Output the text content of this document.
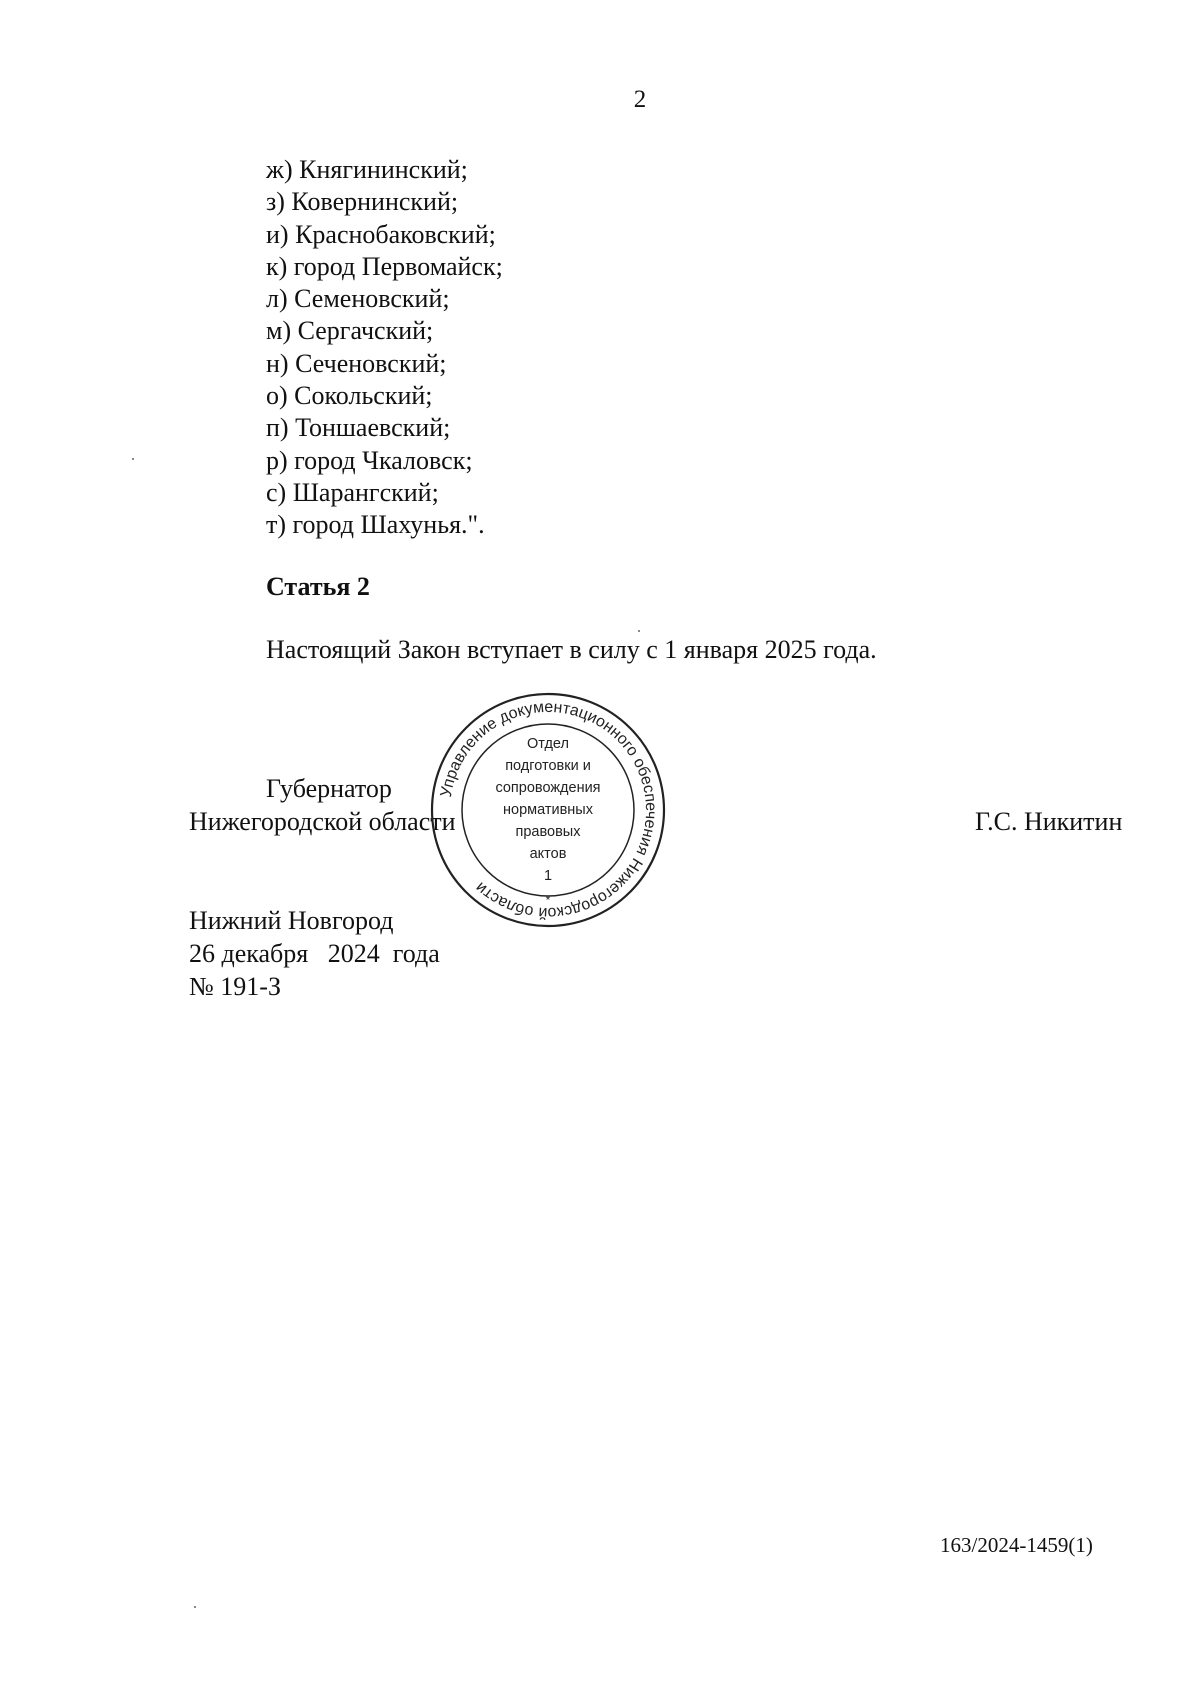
2
ж) Княгининский;
з) Ковернинский;
и) Краснобаковский;
к) город Первомайск;
л) Семеновский;
м) Сергачский;
н) Сеченовский;
о) Сокольский;
п) Тоншаевский;
р) город Чкаловск;
с) Шарангский;
т) город Шахунья.".
Статья 2
Настоящий Закон вступает в силу с 1 января 2025 года.
Губернатор
Нижегородской области	Г.С. Никитин
Управление документационного обеспечения Нижегородской области
Отдел
подготовки и
сопровождения
нормативных
правовых
актов
1
*
Нижний Новгород
26 декабря   2024  года
№ 191-З
163/2024-1459(1)
